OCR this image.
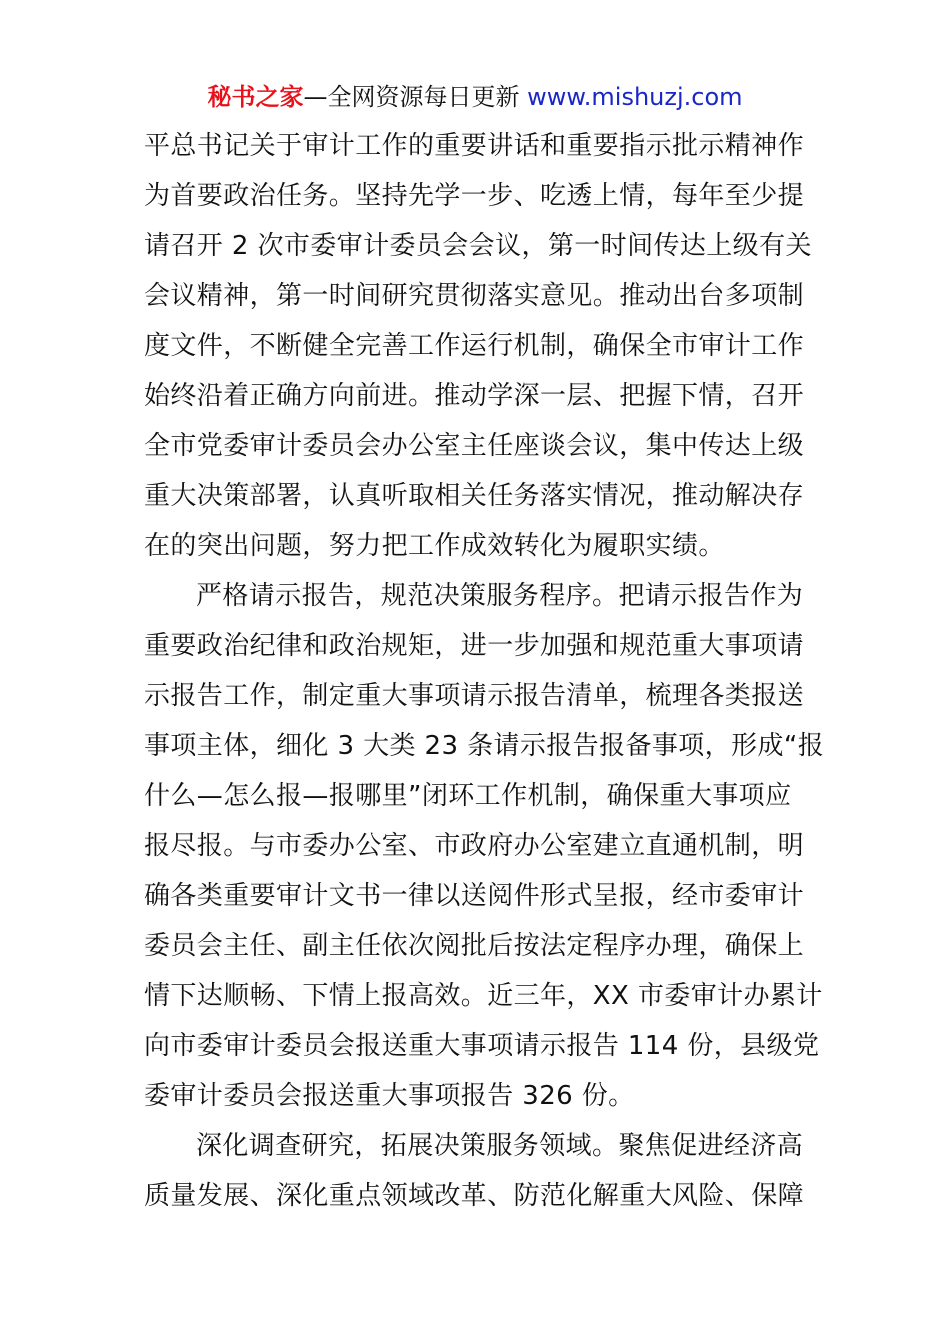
秘书之家—全网资源每日更新 www.mishuzj.com

平总书记关于审计工作的重要讲话和重要指示批示精神作
为首要政治任务。坚持先学一步、吃透上情，每年至少提
请召开 2 次市委审计委员会会议，第一时间传达上级有关
会议精神，第一时间研究贯彻落实意见。推动出台多项制
度文件，不断健全完善工作运行机制，确保全市审计工作
始终沿着正确方向前进。推动学深一层、把握下情，召开
全市党委审计委员会办公室主任座谈会议，集中传达上级
重大决策部署，认真听取相关任务落实情况，推动解决存
在的突出问题，努力把工作成效转化为履职实绩。

严格请示报告，规范决策服务程序。把请示报告作为
重要政治纪律和政治规矩，进一步加强和规范重大事项请
示报告工作，制定重大事项请示报告清单，梳理各类报送
事项主体，细化 3 大类 23 条请示报告报备事项，形成“报
什么—怎么报—报哪里”闭环工作机制，确保重大事项应
报尽报。与市委办公室、市政府办公室建立直通机制，明
确各类重要审计文书一律以送阅件形式呈报，经市委审计
委员会主任、副主任依次阅批后按法定程序办理，确保上
情下达顺畅、下情上报高效。近三年，XX 市委审计办累计
向市委审计委员会报送重大事项请示报告 114 份，县级党
委审计委员会报送重大事项报告 326 份。

深化调查研究，拓展决策服务领域。聚焦促进经济高
质量发展、深化重点领域改革、防范化解重大风险、保障
